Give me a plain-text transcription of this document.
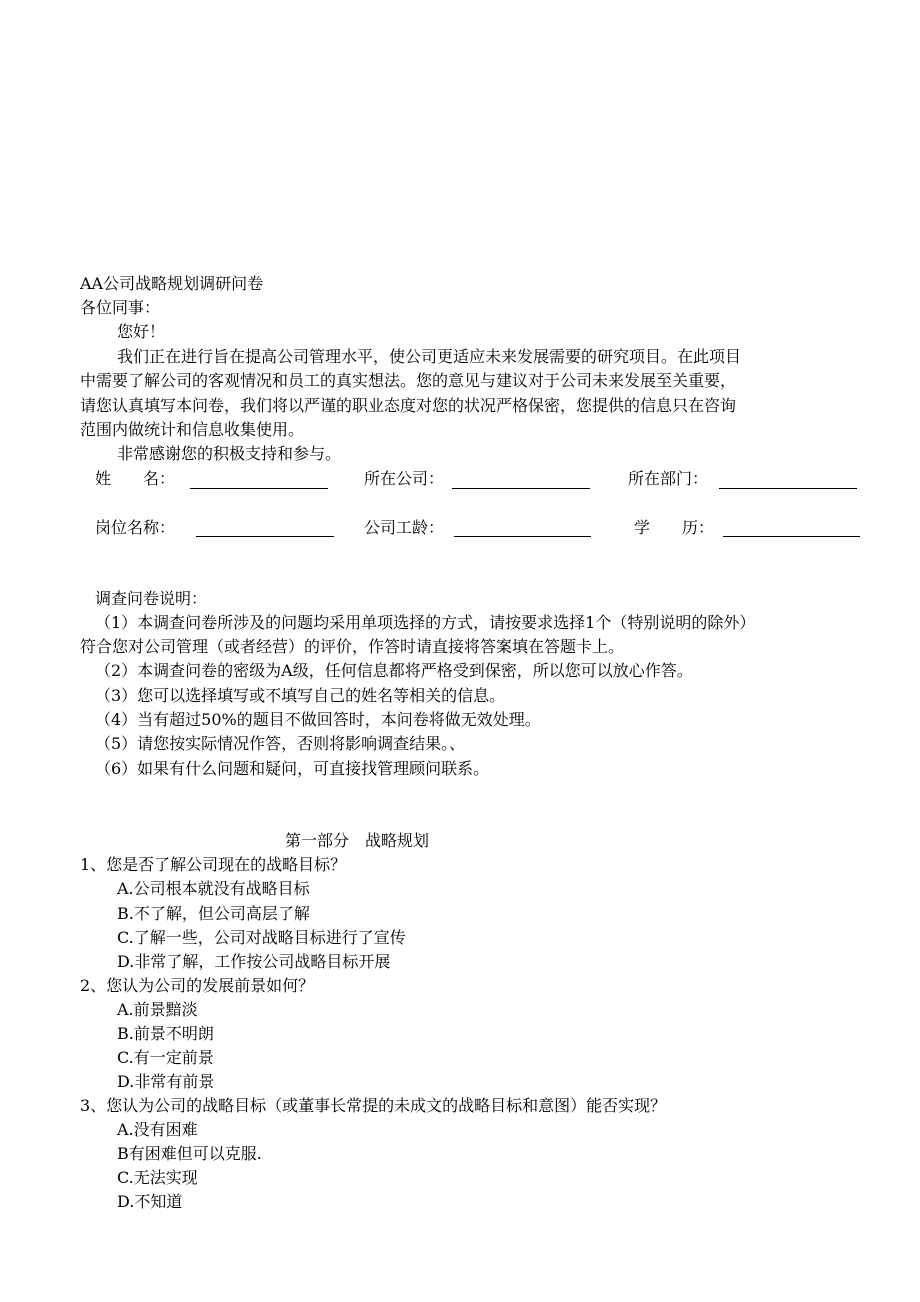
AA公司战略规划调研问卷
各位同事：
您好！
我们正在进行旨在提高公司管理水平，使公司更适应未来发展需要的研究项目。在此项目
中需要了解公司的客观情况和员工的真实想法。您的意见与建议对于公司未来发展至关重要，
请您认真填写本问卷，我们将以严谨的职业态度对您的状况严格保密，您提供的信息只在咨询
范围内做统计和信息收集使用。
非常感谢您的积极支持和参与。
姓　　名：	所在公司：	所在部门：
岗位名称：	公司工龄：	学　　历：
调查问卷说明：
（1）本调查问卷所涉及的问题均采用单项选择的方式，请按要求选择1个（特别说明的除外）
符合您对公司管理（或者经营）的评价，作答时请直接将答案填在答题卡上。
（2）本调查问卷的密级为A级，任何信息都将严格受到保密，所以您可以放心作答。
（3）您可以选择填写或不填写自己的姓名等相关的信息。
（4）当有超过50%的题目不做回答时，本问卷将做无效处理。
（5）请您按实际情况作答，否则将影响调查结果。、
（6）如果有什么问题和疑问，可直接找管理顾问联系。
第一部分　战略规划
1、您是否了解公司现在的战略目标？
A.公司根本就没有战略目标
B.不了解，但公司高层了解
C.了解一些，公司对战略目标进行了宣传
D.非常了解，工作按公司战略目标开展
2、您认为公司的发展前景如何？
A.前景黯淡
B.前景不明朗
C.有一定前景
D.非常有前景
3、您认为公司的战略目标（或董事长常提的未成文的战略目标和意图）能否实现？
A.没有困难
B有困难但可以克服.
C.无法实现
D.不知道
